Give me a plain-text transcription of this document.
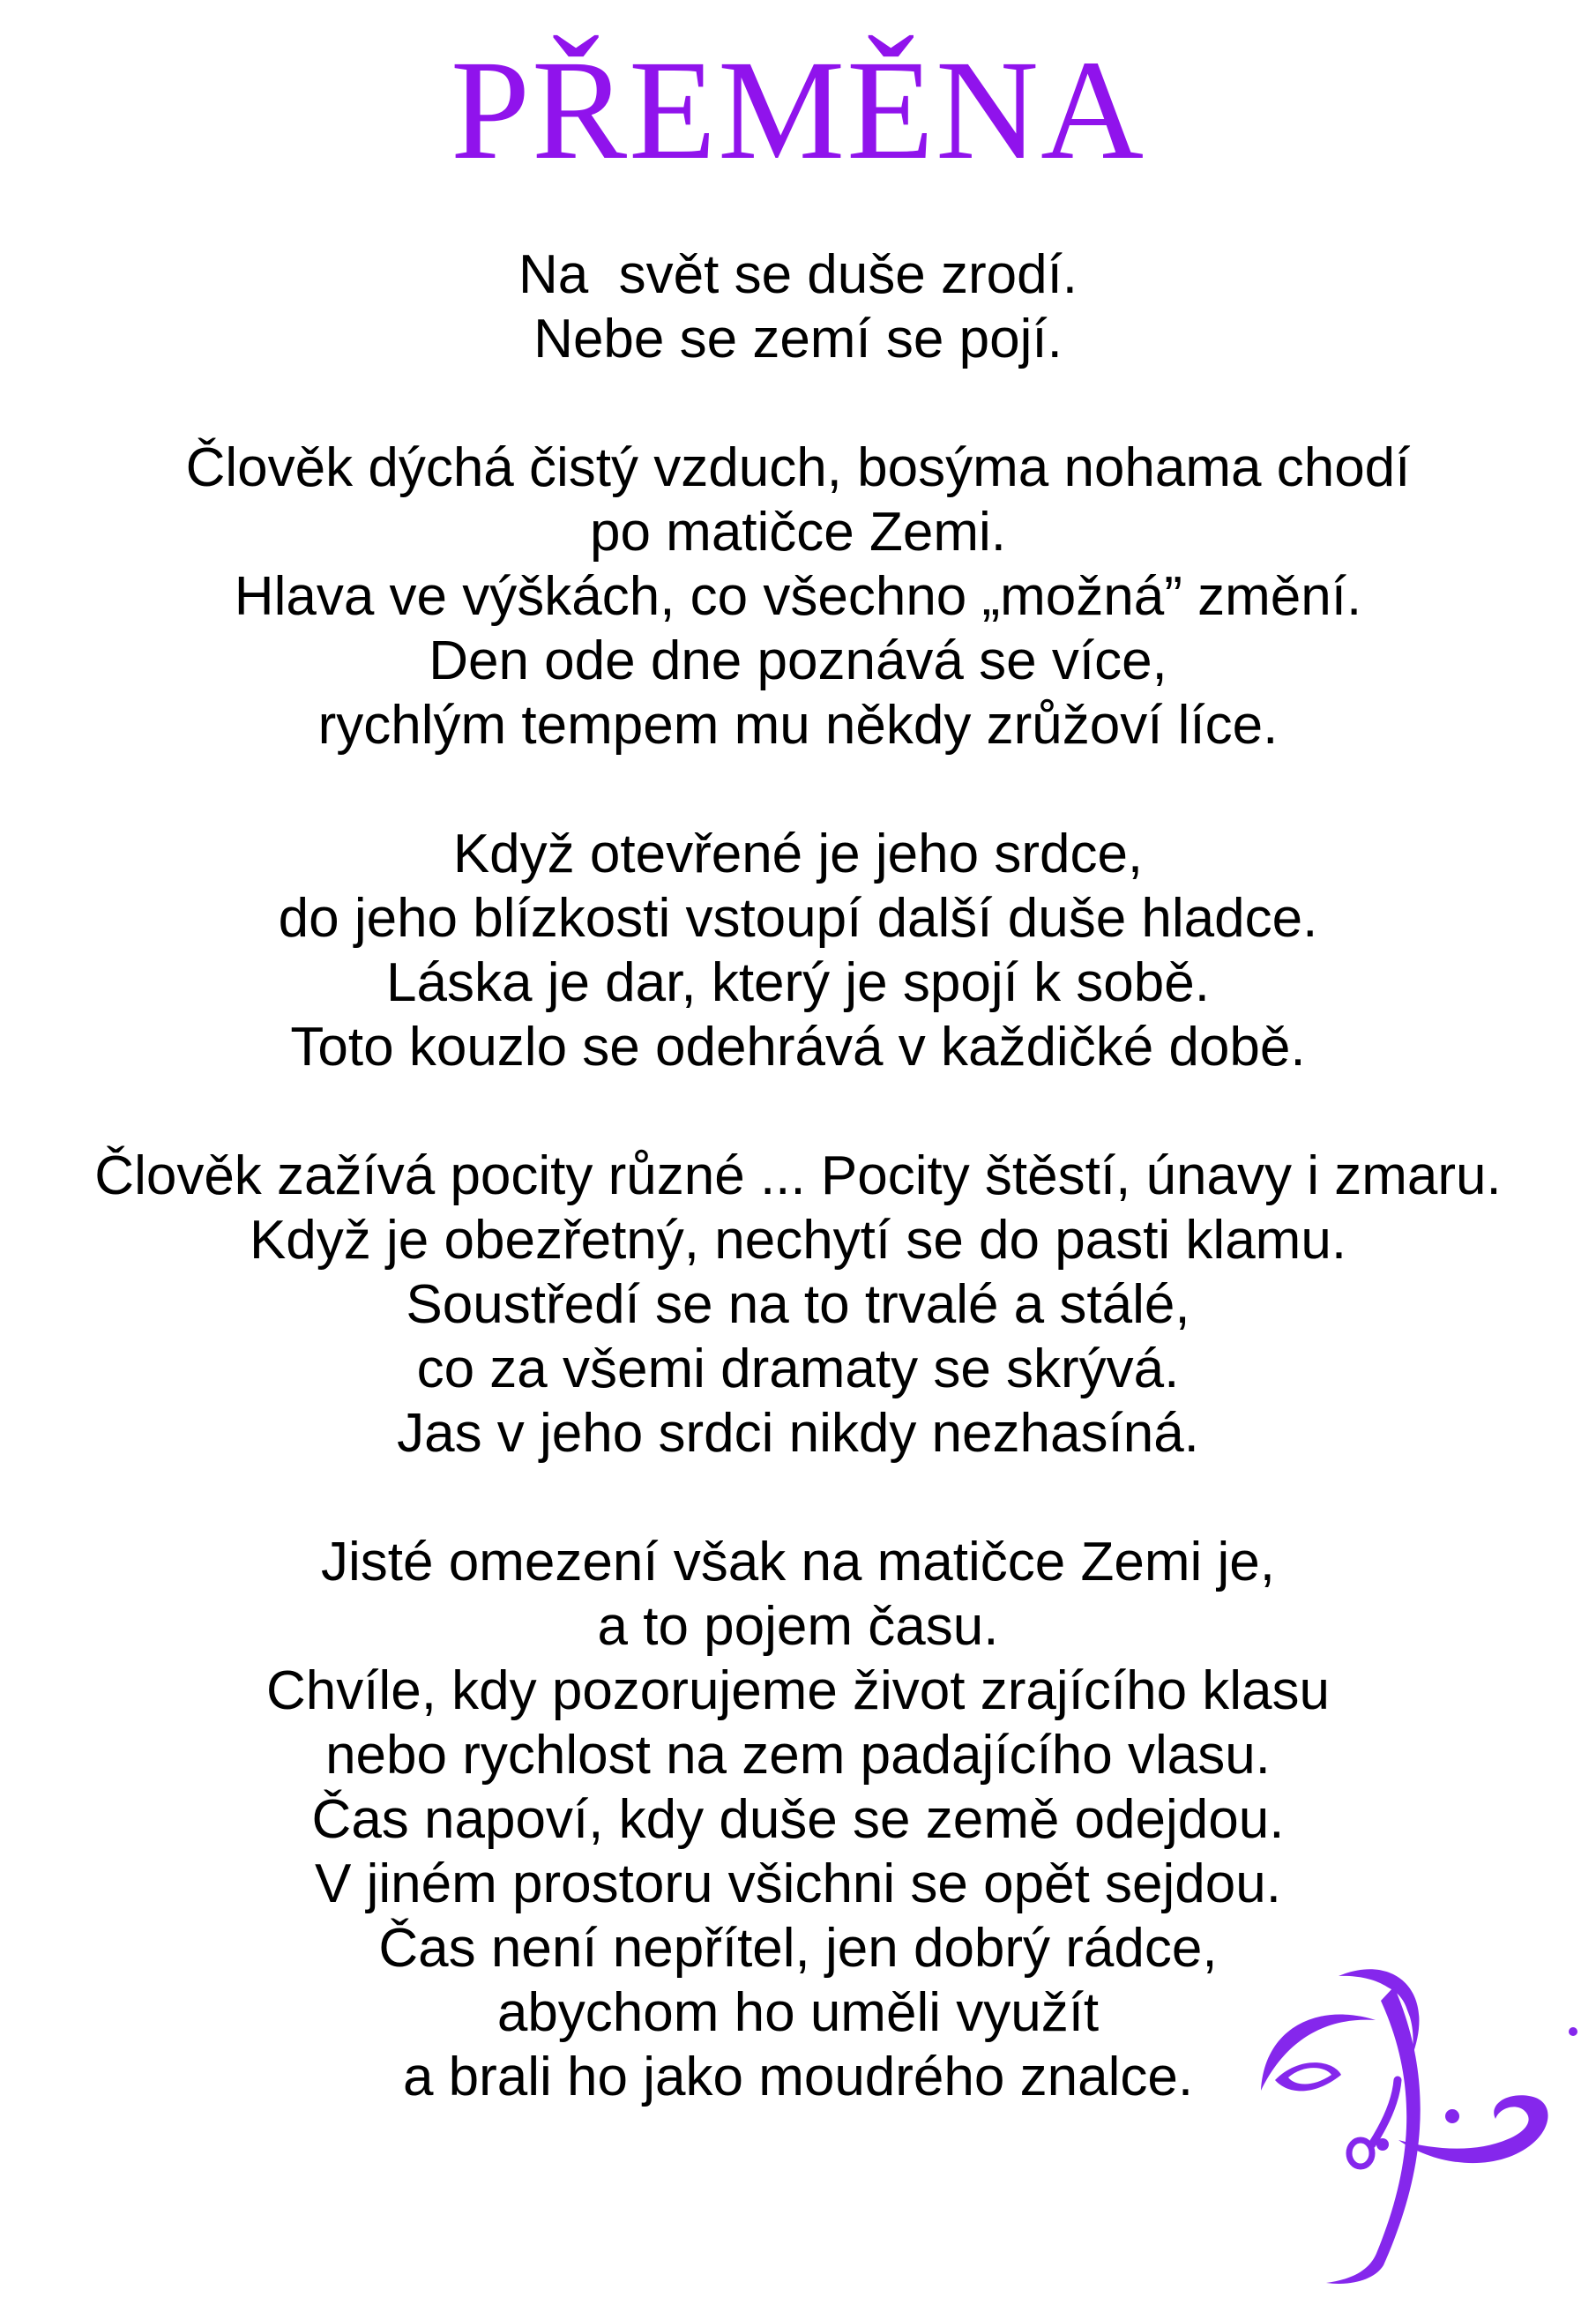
PŘEMĚNA

Na  svět se duše zrodí.

Nebe se zemí se pojí.

Člověk dýchá čistý vzduch, bosýma nohama chodí

po matičce Zemi.

Hlava ve výškách, co všechno „možná” změní.

Den ode dne poznává se více,

rychlým tempem mu někdy zrůžoví líce.

Když otevřené je jeho srdce,

do jeho blízkosti vstoupí další duše hladce.

Láska je dar, který je spojí k sobě.

Toto kouzlo se odehrává v každičké době.

Člověk zažívá pocity různé ... Pocity štěstí, únavy i zmaru.

Když je obezřetný, nechytí se do pasti klamu.

Soustředí se na to trvalé a stálé,

co za všemi dramaty se skrývá.

Jas v jeho srdci nikdy nezhasíná.

Jisté omezení však na matičce Zemi je,

a to pojem času.

Chvíle, kdy pozorujeme život zrajícího klasu

nebo rychlost na zem padajícího vlasu.

Čas napoví, kdy duše se země odejdou.

V jiném prostoru všichni se opět sejdou.

Čas není nepřítel, jen dobrý rádce,

abychom ho uměli využít

a brali ho jako moudrého znalce.
